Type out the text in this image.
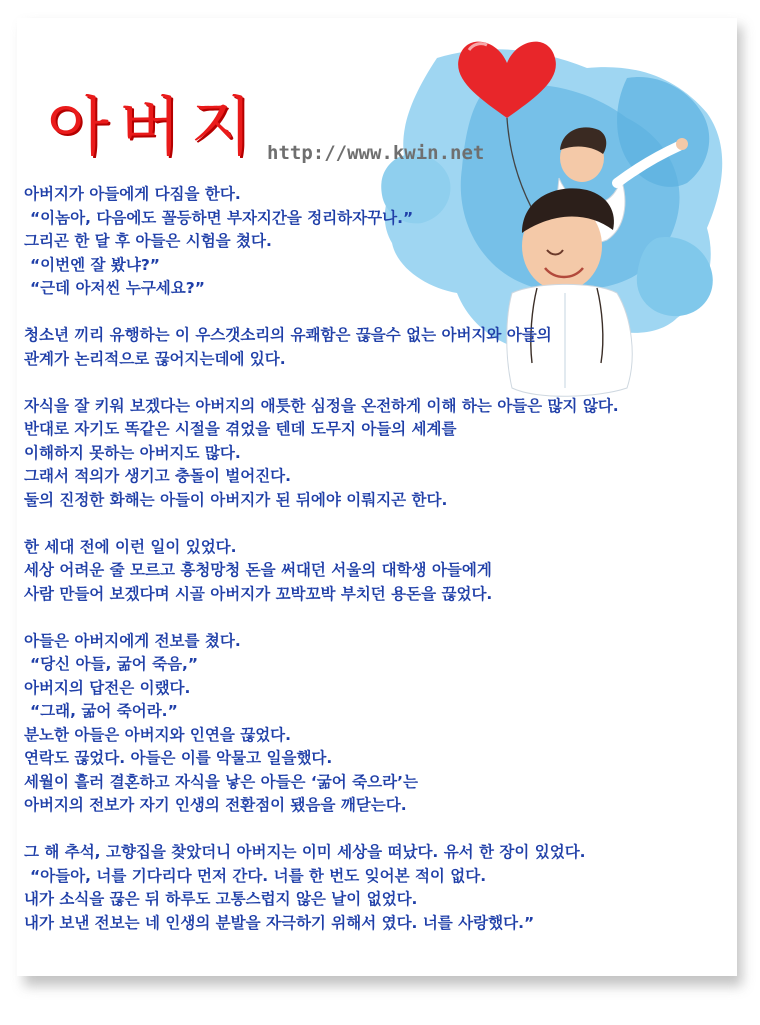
아버지 http://www.kwin.net
아버지가 아들에게 다짐을 한다.
“이놈아, 다음에도 꼴등하면 부자지간을 정리하자꾸나.”
그리곤 한 달 후 아들은 시험을 쳤다.
“이번엔 잘 봤냐?”
“근데 아저씬 누구세요?”
청소년 끼리 유행하는 이 우스갯소리의 유쾌함은 끊을수 없는 아버지와 아들의
관계가 논리적으로 끊어지는데에 있다.
자식을 잘 키워 보겠다는 아버지의 애틋한 심정을 온전하게 이해 하는 아들은 많지 않다.
반대로 자기도 똑같은 시절을 겪었을 텐데 도무지 아들의 세계를
이해하지 못하는 아버지도 많다.
그래서 적의가 생기고 충돌이 벌어진다.
둘의 진정한 화해는 아들이 아버지가 된 뒤에야 이뤄지곤 한다.
한 세대 전에 이런 일이 있었다.
세상 어려운 줄 모르고 흥청망청 돈을 써대던 서울의 대학생 아들에게
사람 만들어 보겠다며 시골 아버지가 꼬박꼬박 부치던 용돈을 끊었다.
아들은 아버지에게 전보를 쳤다.
“당신 아들, 굶어 죽음,”
아버지의 답전은 이랬다.
“그래, 굶어 죽어라.”
분노한 아들은 아버지와 인연을 끊었다.
연락도 끊었다. 아들은 이를 악물고 일을했다.
세월이 흘러 결혼하고 자식을 낳은 아들은 ‘굶어 죽으라’는
아버지의 전보가 자기 인생의 전환점이 됐음을 깨닫는다.
그 해 추석, 고향집을 찾았더니 아버지는 이미 세상을 떠났다. 유서 한 장이 있었다.
“아들아, 너를 기다리다 먼저 간다. 너를 한 번도 잊어본 적이 없다.
내가 소식을 끊은 뒤 하루도 고통스럽지 않은 날이 없었다.
내가 보낸 전보는 네 인생의 분발을 자극하기 위해서 였다. 너를 사랑했다.”
